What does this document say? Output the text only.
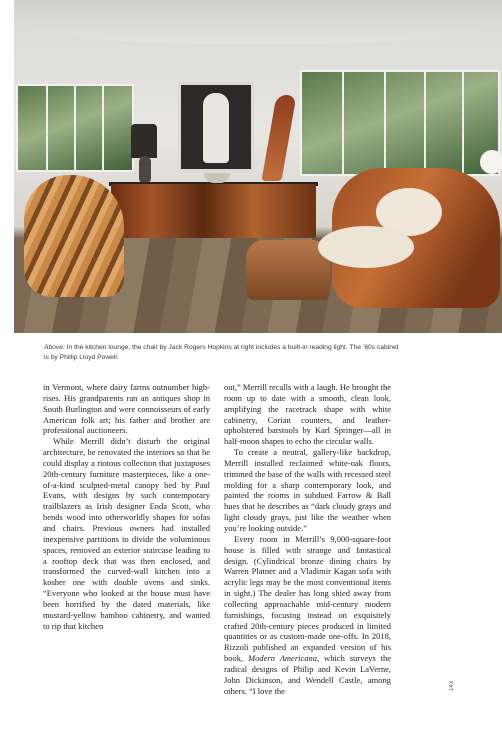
Above: In the kitchen lounge, the chair by Jack Rogers Hopkins at right includes a built-in reading light. The ’60s cabinet is by Phillip Lloyd Powell.

in Vermont, where dairy farms outnumber high-rises. His grandparents ran an antiques shop in South Burlington and were connoisseurs of early American folk art; his father and brother are professional auctioneers.

While Merrill didn’t disturb the original architecture, he renovated the interiors so that he could display a riotous collection that juxtaposes 20th-century furniture masterpieces, like a one-of-a-kind sculpted-metal canopy bed by Paul Evans, with designs by such contemporary trailblazers as Irish designer Enda Scott, who bends wood into otherworldly shapes for sofas and chairs. Previous owners had installed inexpensive partitions to divide the voluminous spaces, removed an exterior staircase leading to a rooftop deck that was then enclosed, and transformed the curved-wall kitchen into a kosher one with double ovens and sinks. “Everyone who looked at the house must have been horrified by the dated materials, like mustard-yellow bamboo cabinetry, and wanted to rip that kitchen

out,” Merrill recalls with a laugh. He brought the room up to date with a smooth, clean look, amplifying the racetrack shape with white cabinetry, Corian counters, and leather-upholstered barstools by Karl Springer—all in half-moon shapes to echo the circular walls.

To create a neutral, gallery-like backdrop, Merrill installed reclaimed white-oak floors, trimmed the base of the walls with recessed steel molding for a sharp contemporary look, and painted the rooms in subdued Farrow & Ball hues that he describes as “dark cloudy grays and light cloudy grays, just like the weather when you’re looking outside.”

Every room in Merrill’s 9,000-square-foot house is filled with strange and fantastical design. (Cylindrical bronze dining chairs by Warren Platner and a Vladimir Kagan sofa with acrylic legs may be the most conventional items in sight.) The dealer has long shied away from collecting approachable mid-century modern furnishings, focusing instead on exquisitely crafted 20th-century pieces produced in limited quantities or as custom-made one-offs. In 2018, Rizzoli published an expanded version of his book, Modern Americana, which surveys the radical designs of Philip and Kevin LaVerne, John Dickinson, and Wendell Castle, among others. “I love the	143
